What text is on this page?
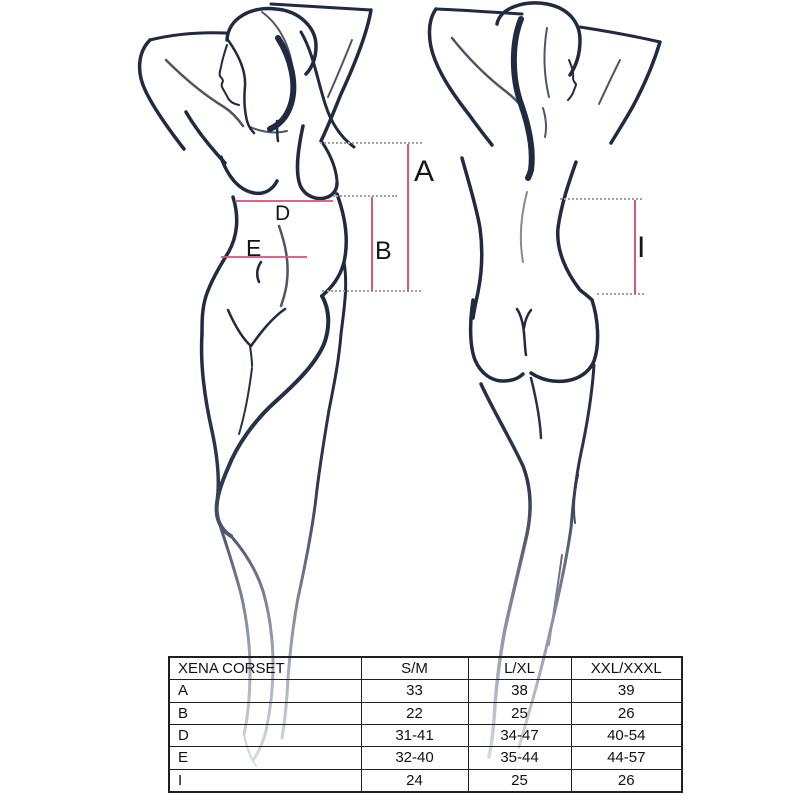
A
B
D
E	I
XENA CORSET	S/M	L/XL	XXL/XXXL
A	33	38	39
B	22	25	26
D	31-41	34-47	40-54
E	32-40	35-44	44-57
I	24	25	26
